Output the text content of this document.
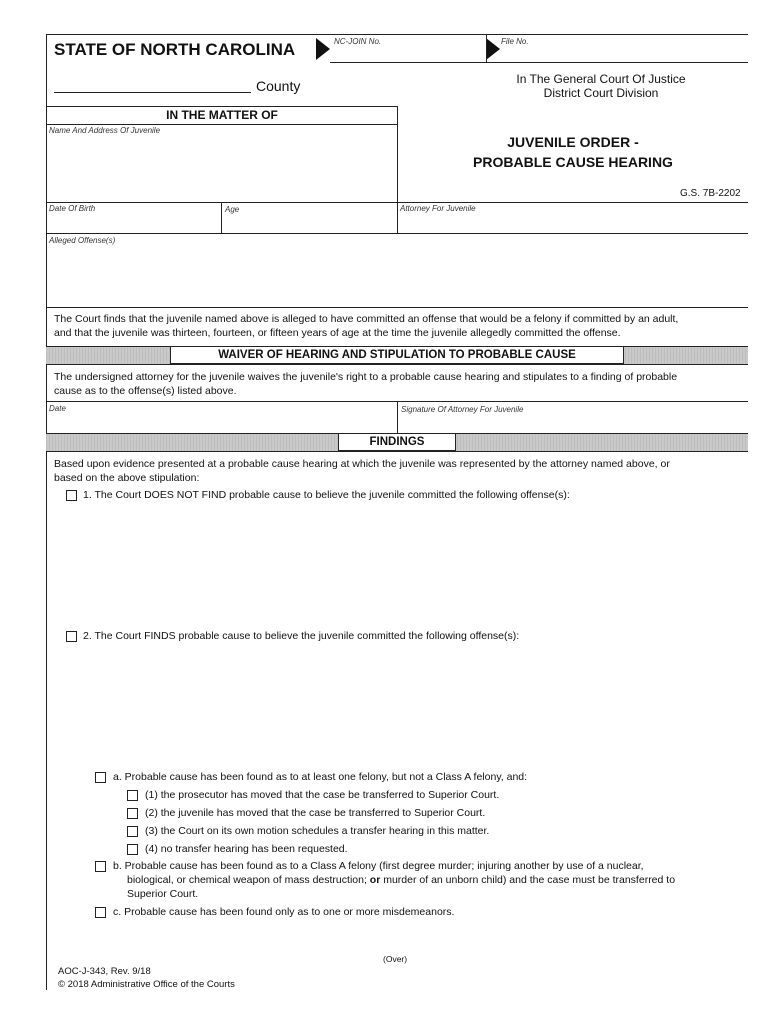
STATE OF NORTH CAROLINA
County
NC-JOIN No.	File No.
In The General Court Of Justice
District Court Division
IN THE MATTER OF
Name And Address Of Juvenile
JUVENILE ORDER -
PROBABLE CAUSE HEARING
G.S. 7B-2202
Date Of Birth	Age	Attorney For Juvenile
Alleged Offense(s)
The Court finds that the juvenile named above is alleged to have committed an offense that would be a felony if committed by an adult,
and that the juvenile was thirteen, fourteen, or fifteen years of age at the time the juvenile allegedly committed the offense.
WAIVER OF HEARING AND STIPULATION TO PROBABLE CAUSE
The undersigned attorney for the juvenile waives the juvenile's right to a probable cause hearing and stipulates to a finding of probable
cause as to the offense(s) listed above.
Date	Signature Of Attorney For Juvenile
FINDINGS
Based upon evidence presented at a probable cause hearing at which the juvenile was represented by the attorney named above, or
based on the above stipulation:
1. The Court DOES NOT FIND probable cause to believe the juvenile committed the following offense(s):
2. The Court FINDS probable cause to believe the juvenile committed the following offense(s):
a. Probable cause has been found as to at least one felony, but not a Class A felony, and:
(1) the prosecutor has moved that the case be transferred to Superior Court.
(2) the juvenile has moved that the case be transferred to Superior Court.
(3) the Court on its own motion schedules a transfer hearing in this matter.
(4) no transfer hearing has been requested.
b. Probable cause has been found as to a Class A felony (first degree murder; injuring another by use of a nuclear,
biological, or chemical weapon of mass destruction; or murder of an unborn child) and the case must be transferred to
Superior Court.
c. Probable cause has been found only as to one or more misdemeanors.
(Over)
AOC-J-343, Rev. 9/18
© 2018 Administrative Office of the Courts
